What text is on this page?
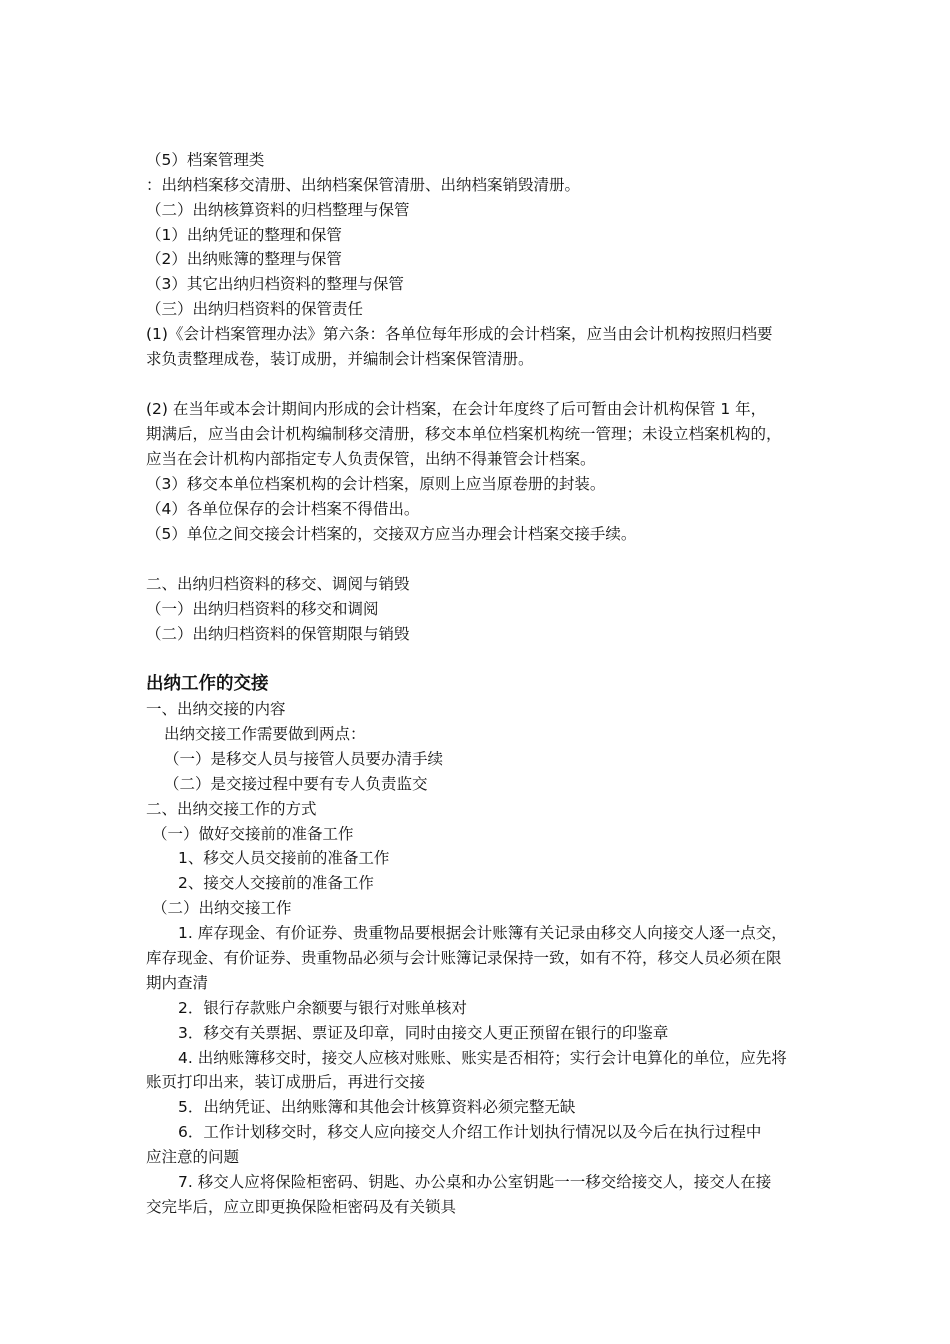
（5）档案管理类
：出纳档案移交清册、出纳档案保管清册、出纳档案销毁清册。
（二）出纳核算资料的归档整理与保管
（1）出纳凭证的整理和保管
（2）出纳账簿的整理与保管
（3）其它出纳归档资料的整理与保管
（三）出纳归档资料的保管责任
(1)《会计档案管理办法》第六条：各单位每年形成的会计档案，应当由会计机构按照归档要
求负责整理成卷，装订成册，并编制会计档案保管清册。
(2) 在当年或本会计期间内形成的会计档案，在会计年度终了后可暂由会计机构保管 1 年，
期满后，应当由会计机构编制移交清册，移交本单位档案机构统一管理；未设立档案机构的，
应当在会计机构内部指定专人负责保管，出纳不得兼管会计档案。
（3）移交本单位档案机构的会计档案，原则上应当原卷册的封装。
（4）各单位保存的会计档案不得借出。
（5）单位之间交接会计档案的，交接双方应当办理会计档案交接手续。
二、出纳归档资料的移交、调阅与销毁
（一）出纳归档资料的移交和调阅
（二）出纳归档资料的保管期限与销毁
出纳工作的交接
一、出纳交接的内容
出纳交接工作需要做到两点：
（一）是移交人员与接管人员要办清手续
（二）是交接过程中要有专人负责监交
二、出纳交接工作的方式
（一）做好交接前的准备工作
1、移交人员交接前的准备工作
2、接交人交接前的准备工作
（二）出纳交接工作
1. 库存现金、有价证券、贵重物品要根据会计账簿有关记录由移交人向接交人逐一点交，
库存现金、有价证券、贵重物品必须与会计账簿记录保持一致，如有不符，移交人员必须在限
期内查清
2．银行存款账户余额要与银行对账单核对
3．移交有关票据、票证及印章，同时由接交人更正预留在银行的印鉴章
4. 出纳账簿移交时，接交人应核对账账、账实是否相符；实行会计电算化的单位，应先将
账页打印出来，装订成册后，再进行交接
5．出纳凭证、出纳账簿和其他会计核算资料必须完整无缺
6．工作计划移交时，移交人应向接交人介绍工作计划执行情况以及今后在执行过程中
应注意的问题
7. 移交人应将保险柜密码、钥匙、办公桌和办公室钥匙一一移交给接交人，接交人在接
交完毕后，应立即更换保险柜密码及有关锁具
